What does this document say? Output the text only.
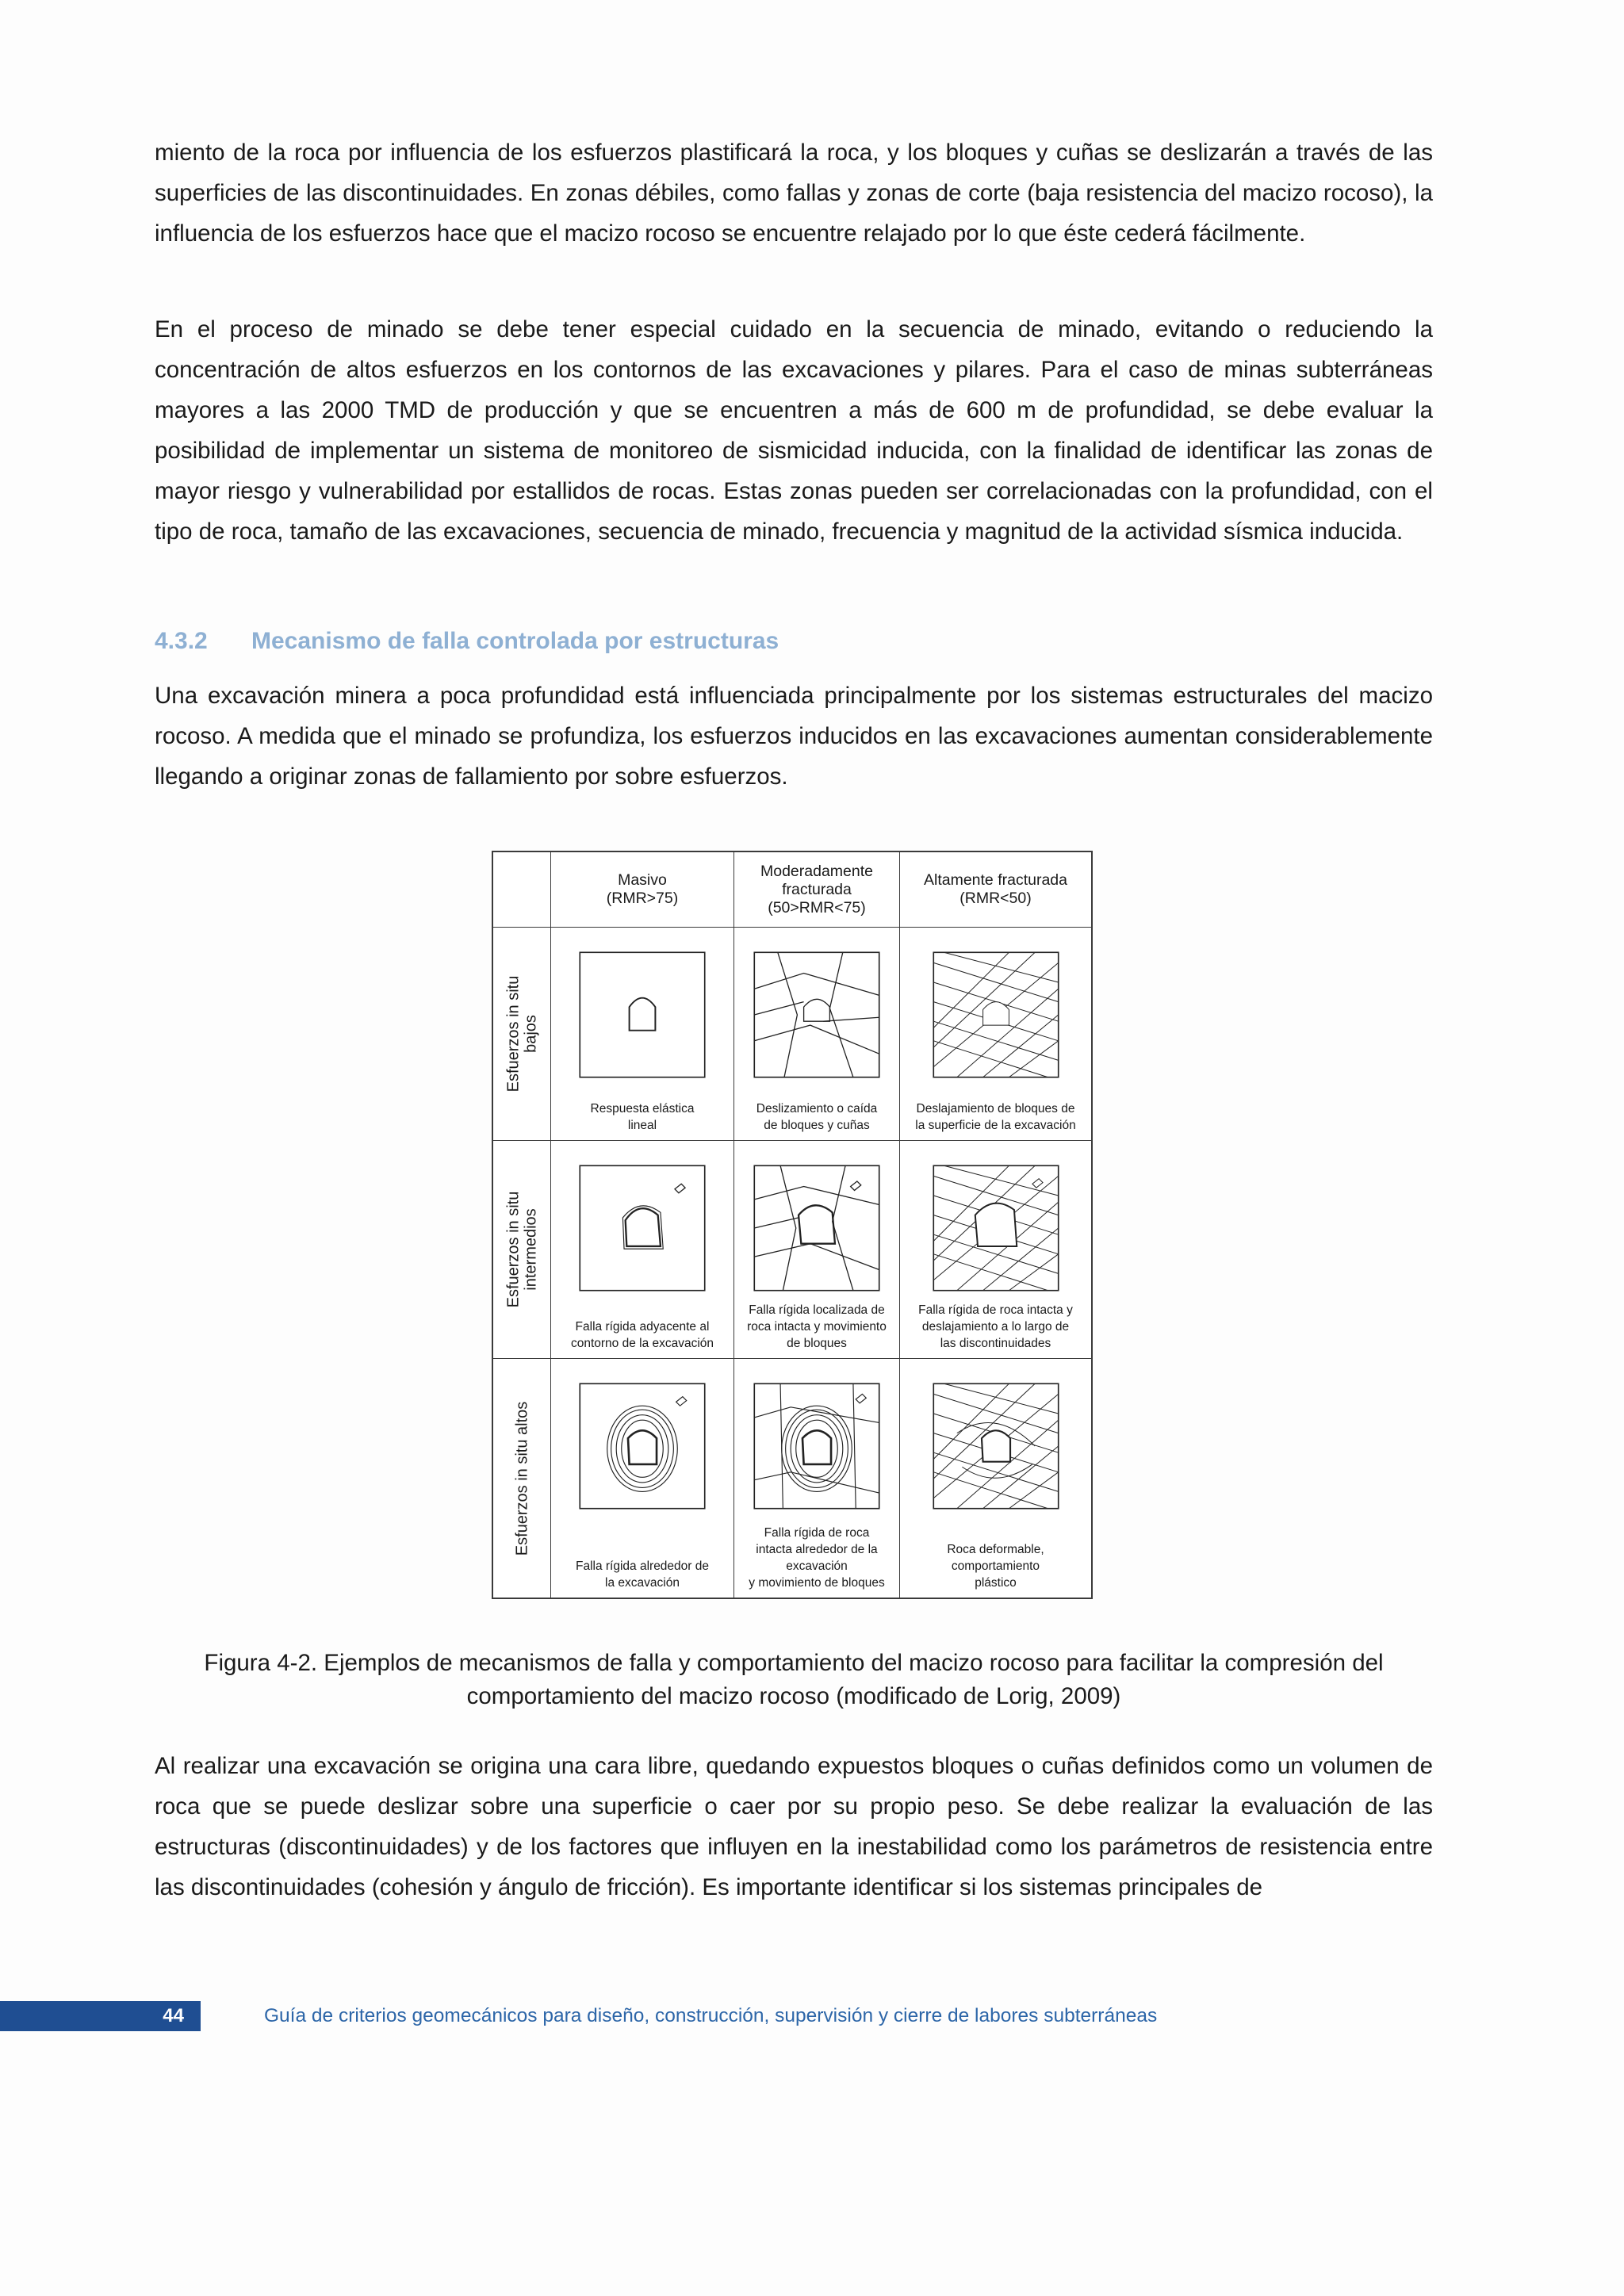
miento de la roca por influencia de los esfuerzos plastificará la roca, y los bloques y cuñas se deslizarán a través de las superficies de las discontinuidades. En zonas débiles, como fallas y zonas de corte (baja resistencia del macizo rocoso), la influencia de los esfuerzos hace que el macizo rocoso se encuentre relajado por lo que éste cederá fácilmente.

En el proceso de minado se debe tener especial cuidado en la secuencia de minado, evitando o reduciendo la concentración de altos esfuerzos en los contornos de las excavaciones y pilares. Para el caso de minas subterráneas mayores a las 2000 TMD de producción y que se encuentren a más de 600 m de profundidad, se debe evaluar la posibilidad de implementar un sistema de monitoreo de sismicidad inducida, con la finalidad de identificar las zonas de mayor riesgo y vulnerabilidad por estallidos de rocas. Estas zonas pueden ser correlacionadas con la profundidad, con el tipo de roca, tamaño de las excavaciones, secuencia de minado, frecuencia y magnitud de la actividad sísmica inducida.

4.3.2 Mecanismo de falla controlada por estructuras

Una excavación minera a poca profundidad está influenciada principalmente por los sistemas estructurales del macizo rocoso. A medida que el minado se profundiza, los esfuerzos inducidos en las excavaciones aumentan considerablemente llegando a originar zonas de fallamiento por sobre esfuerzos.

Masivo
(RMR>75)
Moderadamente
fracturada
(50>RMR<75)
Altamente fracturada
(RMR<50)
Esfuerzos in situ
bajos
Respuesta elástica
lineal
Deslizamiento o caída
de bloques y cuñas
Deslajamiento de bloques de
la superficie de la excavación
Esfuerzos in situ
intermedios
Falla rígida adyacente al
contorno de la excavación
Falla rígida localizada de
roca intacta y movimiento
de bloques
Falla rígida de roca intacta y
deslajamiento a lo largo de
las discontinuidades
Esfuerzos in situ altos
Falla rígida alrededor de
la excavación
Falla rígida de roca
intacta alrededor de la
excavación
y movimiento de bloques
Roca deformable,
comportamiento
plástico

Figura 4-2. Ejemplos de mecanismos de falla y comportamiento del macizo rocoso para facilitar la compresión del comportamiento del macizo rocoso (modificado de Lorig, 2009)

Al realizar una excavación se origina una cara libre, quedando expuestos bloques o cuñas definidos como un volumen de roca que se puede deslizar sobre una superficie o caer por su propio peso. Se debe realizar la evaluación de las estructuras (discontinuidades) y de los factores que influyen en la inestabilidad como los parámetros de resistencia entre las discontinuidades (cohesión y ángulo de fricción). Es importante identificar si los sistemas principales de

44	Guía de criterios geomecánicos para diseño, construcción, supervisión y cierre de labores subterráneas
